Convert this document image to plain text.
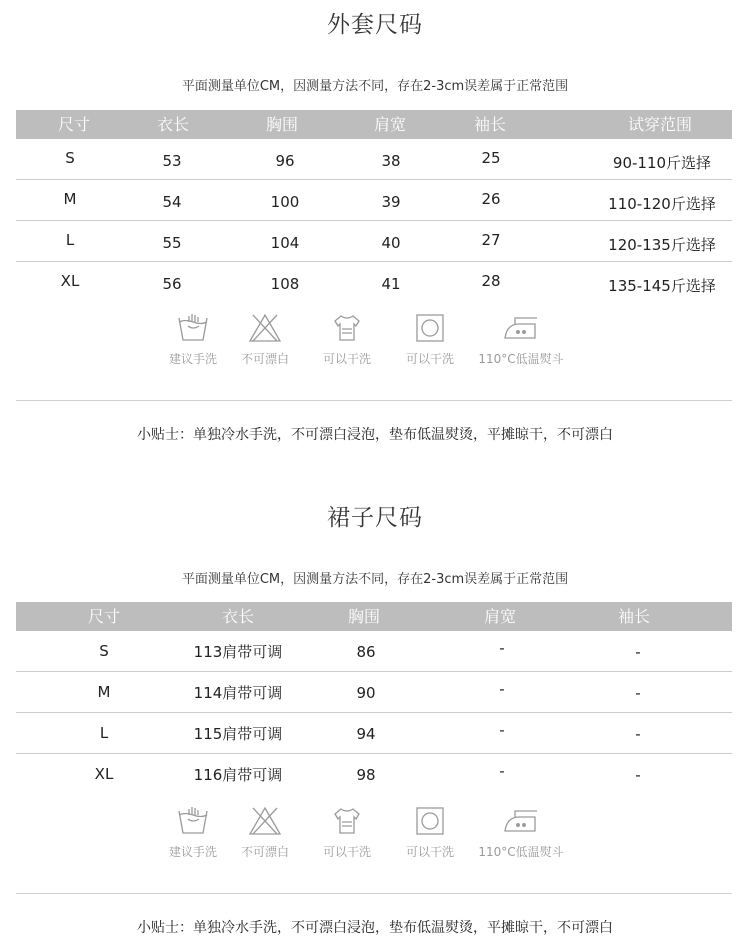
外套尺码
平面测量单位CM，因测量方法不同，存在2-3cm误差属于正常范围
尺寸	衣长	胸围	肩宽	袖长	试穿范围
S	53	96	38	25	90-110斤选择
M	54	100	39	26	110-120斤选择
L	55	104	40	27	120-135斤选择
XL	56	108	41	28	135-145斤选择
建议手洗	不可漂白	可以干洗	可以干洗	110°C低温熨斗
小贴士：单独冷水手洗，不可漂白浸泡，垫布低温熨烫，平摊晾干，不可漂白
裙子尺码
平面测量单位CM，因测量方法不同，存在2-3cm误差属于正常范围
尺寸	衣长	胸围	肩宽	袖长
S	113肩带可调	86	-	-
M	114肩带可调	90	-	-
L	115肩带可调	94	-	-
XL	116肩带可调	98	-	-
建议手洗	不可漂白	可以干洗	可以干洗	110°C低温熨斗
小贴士：单独冷水手洗，不可漂白浸泡，垫布低温熨烫，平摊晾干，不可漂白
